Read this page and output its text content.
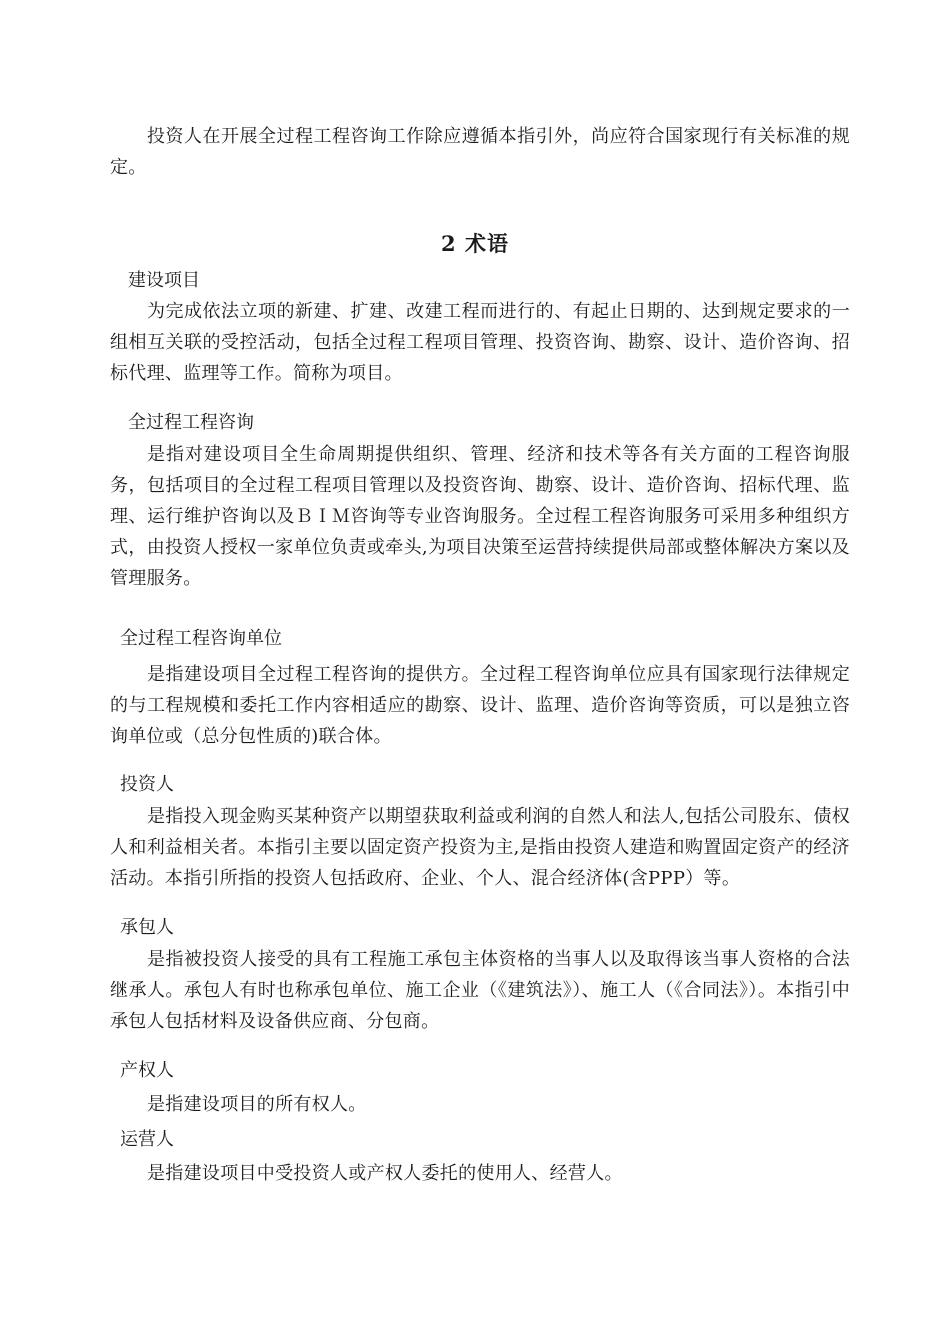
投资人在开展全过程工程咨询工作除应遵循本指引外，尚应符合国家现行有关标准的规定。

2 术语

建设项目

为完成依法立项的新建、扩建、改建工程而进行的、有起止日期的、达到规定要求的一组相互关联的受控活动，包括全过程工程项目管理、投资咨询、勘察、设计、造价咨询、招标代理、监理等工作。简称为项目。

全过程工程咨询

是指对建设项目全生命周期提供组织、管理、经济和技术等各有关方面的工程咨询服务，包括项目的全过程工程项目管理以及投资咨询、勘察、设计、造价咨询、招标代理、监理、运行维护咨询以及ＢＩＭ咨询等专业咨询服务。全过程工程咨询服务可采用多种组织方式，由投资人授权一家单位负责或牵头,为项目决策至运营持续提供局部或整体解决方案以及管理服务。

全过程工程咨询单位

是指建设项目全过程工程咨询的提供方。全过程工程咨询单位应具有国家现行法律规定的与工程规模和委托工作内容相适应的勘察、设计、监理、造价咨询等资质，可以是独立咨询单位或（总分包性质的)联合体。

投资人

是指投入现金购买某种资产以期望获取利益或利润的自然人和法人,包括公司股东、债权人和利益相关者。本指引主要以固定资产投资为主,是指由投资人建造和购置固定资产的经济活动。本指引所指的投资人包括政府、企业、个人、混合经济体(含PPP）等。

承包人

是指被投资人接受的具有工程施工承包主体资格的当事人以及取得该当事人资格的合法继承人。承包人有时也称承包单位、施工企业（《建筑法》）、施工人（《合同法》）。本指引中承包人包括材料及设备供应商、分包商。

产权人

是指建设项目的所有权人。

运营人

是指建设项目中受投资人或产权人委托的使用人、经营人。
